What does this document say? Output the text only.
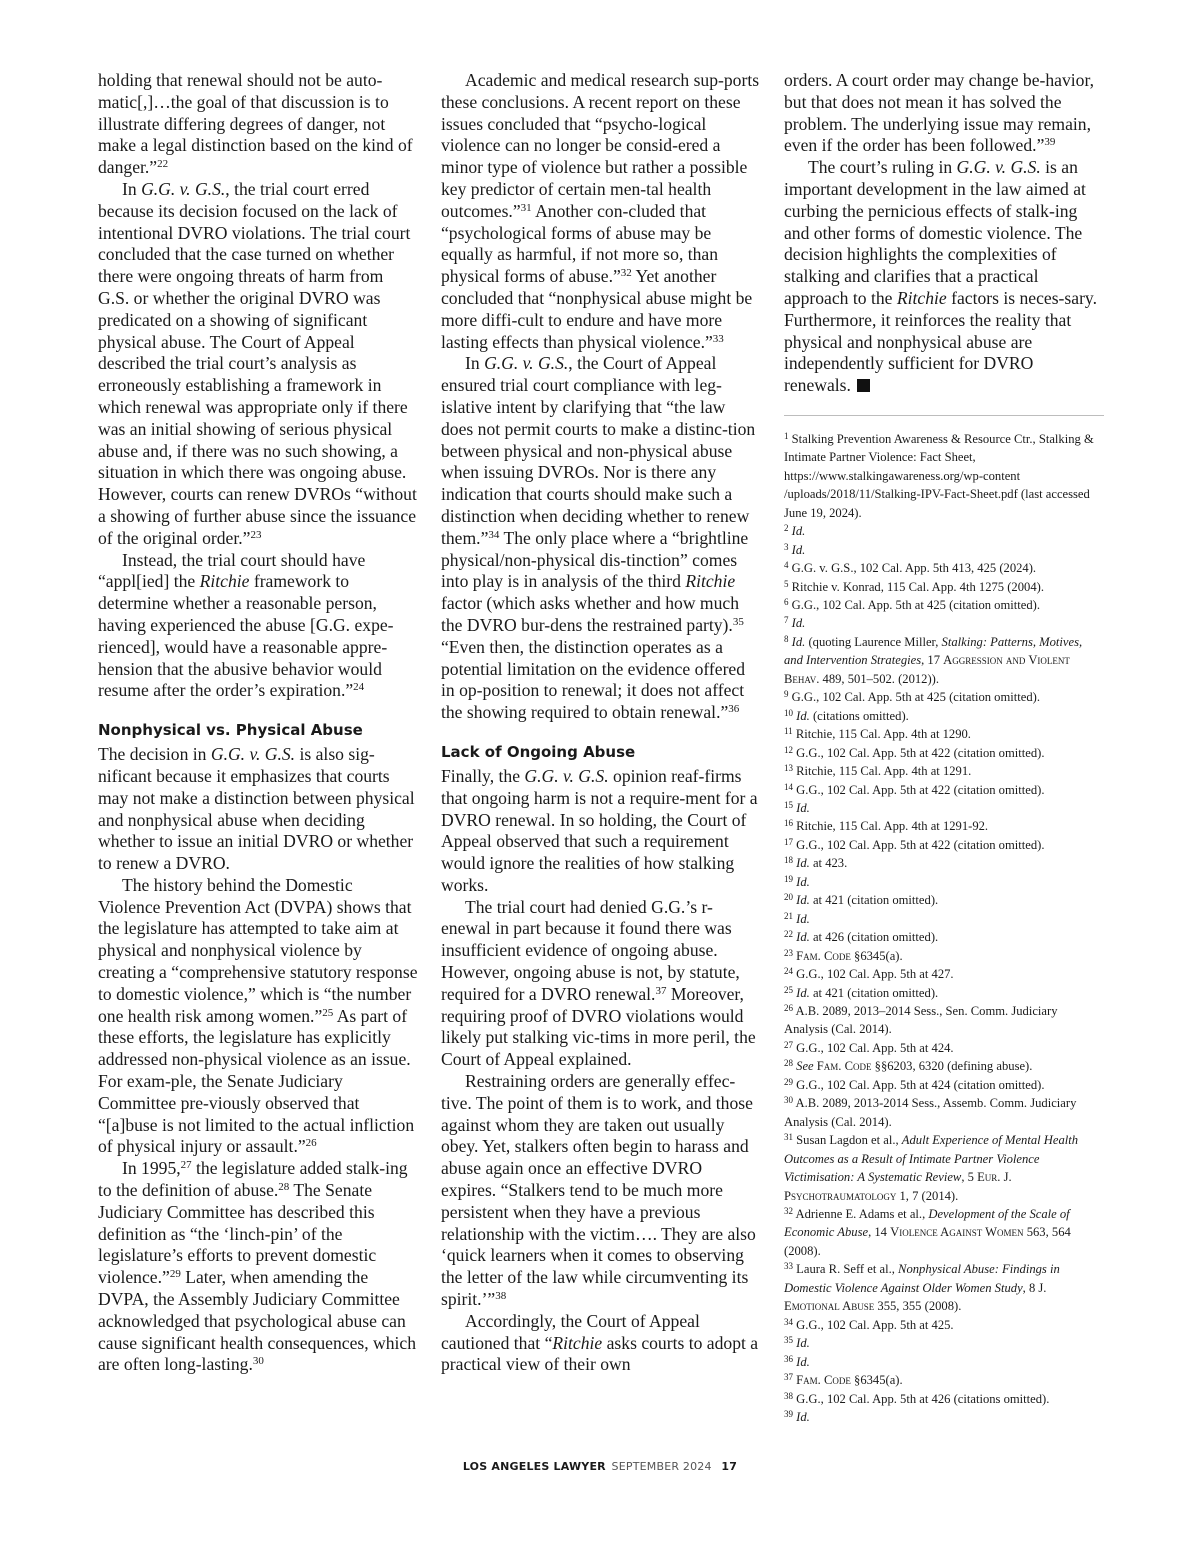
holding that renewal should not be auto-matic[,]…the goal of that discussion is to illustrate differing degrees of danger, not make a legal distinction based on the kind of danger.”$^{22}$

In G.G. v. G.S., the trial court erred because its decision focused on the lack of intentional DVRO violations. The trial court concluded that the case turned on whether there were ongoing threats of harm from G.S. or whether the original DVRO was predicated on a showing of significant physical abuse. The Court of Appeal described the trial court’s analysis as erroneously establishing a framework in which renewal was appropriate only if there was an initial showing of serious physical abuse and, if there was no such showing, a situation in which there was ongoing abuse. However, courts can renew DVROs “without a showing of further abuse since the issuance of the original order.”$^{23}$

Instead, the trial court should have “appl[ied] the Ritchie framework to determine whether a reasonable person, having experienced the abuse [G.G. expe-rienced], would have a reasonable appre-hension that the abusive behavior would resume after the order’s expiration.”$^{24}$

Nonphysical vs. Physical Abuse

The decision in G.G. v. G.S. is also sig-nificant because it emphasizes that courts may not make a distinction between physical and nonphysical abuse when deciding whether to issue an initial DVRO or whether to renew a DVRO.

The history behind the Domestic Violence Prevention Act (DVPA) shows that the legislature has attempted to take aim at physical and nonphysical violence by creating a “comprehensive statutory response to domestic violence,” which is “the number one health risk among women.”$^{25}$ As part of these efforts, the legislature has explicitly addressed non-physical violence as an issue. For exam-ple, the Senate Judiciary Committee pre-viously observed that “[a]buse is not limited to the actual infliction of physical injury or assault.”$^{26}$

In 1995,27 the legislature added stalk-ing to the definition of abuse.$^{28}$ The Senate Judiciary Committee has described this definition as “the ‘linch-pin’ of the legislature’s efforts to prevent domestic violence.”$^{29}$ Later, when amending the DVPA, the Assembly Judiciary Committee acknowledged that psychological abuse can cause significant health consequences, which are often long-lasting.$^{30}$

Academic and medical research sup-ports these conclusions. A recent report on these issues concluded that “psycho-logical violence can no longer be consid-ered a minor type of violence but rather a possible key predictor of certain men-tal health outcomes.”$^{31}$ Another con-cluded that “psychological forms of abuse may be equally as harmful, if not more so, than physical forms of abuse.”$^{32}$ Yet another concluded that “nonphysical abuse might be more diffi-cult to endure and have more lasting effects than physical violence.”$^{33}$

In G.G. v. G.S., the Court of Appeal ensured trial court compliance with leg-islative intent by clarifying that “the law does not permit courts to make a distinc-tion between physical and non-physical abuse when issuing DVROs. Nor is there any indication that courts should make such a distinction when deciding whether to renew them.”$^{34}$ The only place where a “brightline physical/non-physical dis-tinction” comes into play is in analysis of the third Ritchie factor (which asks whether and how much the DVRO bur-dens the restrained party).$^{35}$ “Even then, the distinction operates as a potential limitation on the evidence offered in op-position to renewal; it does not affect the showing required to obtain renewal.”$^{36}$

Lack of Ongoing Abuse

Finally, the G.G. v. G.S. opinion reaf-firms that ongoing harm is not a require-ment for a DVRO renewal. In so holding, the Court of Appeal observed that such a requirement would ignore the realities of how stalking works.

The trial court had denied G.G.’s r-enewal in part because it found there was insufficient evidence of ongoing abuse. However, ongoing abuse is not, by statute, required for a DVRO renewal.$^{37}$ Moreover, requiring proof of DVRO violations would likely put stalking vic-tims in more peril, the Court of Appeal explained.

Restraining orders are generally effec-tive. The point of them is to work, and those against whom they are taken out usually obey. Yet, stalkers often begin to harass and abuse again once an effective DVRO expires. “Stalkers tend to be much more persistent when they have a previous relationship with the victim…. They are also ‘quick learners when it comes to observing the letter of the law while circumventing its spirit.’”$^{38}$

Accordingly, the Court of Appeal cautioned that “Ritchie asks courts to adopt a practical view of their own

orders. A court order may change be-havior, but that does not mean it has solved the problem. The underlying issue may remain, even if the order has been followed.”$^{39}$

The court’s ruling in G.G. v. G.S. is an important development in the law aimed at curbing the pernicious effects of stalk-ing and other forms of domestic violence. The decision highlights the complexities of stalking and clarifies that a practical approach to the Ritchie factors is neces-sary. Furthermore, it reinforces the reality that physical and nonphysical abuse are independently sufficient for DVRO renewals.

$^1$ Stalking Prevention Awareness & Resource Ctr., Stalking & Intimate Partner Violence: Fact Sheet, https://www.stalkingawareness.org/wp-content /uploads/2018/11/Stalking-IPV-Fact-Sheet.pdf (last accessed June 19, 2024).
$^2$ Id.
$^3$ Id.
$^4$ G.G. v. G.S., 102 Cal. App. 5th 413, 425 (2024).
$^5$ Ritchie v. Konrad, 115 Cal. App. 4th 1275 (2004).
$^6$ G.G., 102 Cal. App. 5th at 425 (citation omitted).
$^7$ Id.
$^8$ Id. (quoting Laurence Miller, Stalking: Patterns, Motives, and Intervention Strategies, 17 Aggression and Violent Behav. 489, 501–502. (2012)).
$^9$ G.G., 102 Cal. App. 5th at 425 (citation omitted).
$^{10}$ Id. (citations omitted).
$^{11}$ Ritchie, 115 Cal. App. 4th at 1290.
$^{12}$ G.G., 102 Cal. App. 5th at 422 (citation omitted).
$^{13}$ Ritchie, 115 Cal. App. 4th at 1291.
$^{14}$ G.G., 102 Cal. App. 5th at 422 (citation omitted).
$^{15}$ Id.
$^{16}$ Ritchie, 115 Cal. App. 4th at 1291-92.
$^{17}$ G.G., 102 Cal. App. 5th at 422 (citation omitted).
$^{18}$ Id. at 423.
$^{19}$ Id.
$^{20}$ Id. at 421 (citation omitted).
$^{21}$ Id.
$^{22}$ Id. at 426 (citation omitted).
$^{23}$ Fam. Code §6345(a).
$^{24}$ G.G., 102 Cal. App. 5th at 427.
$^{25}$ Id. at 421 (citation omitted).
$^{26}$ A.B. 2089, 2013–2014 Sess., Sen. Comm. Judiciary Analysis (Cal. 2014).
$^{27}$ G.G., 102 Cal. App. 5th at 424.
$^{28}$ See Fam. Code §§6203, 6320 (defining abuse).
$^{29}$ G.G., 102 Cal. App. 5th at 424 (citation omitted).
$^{30}$ A.B. 2089, 2013-2014 Sess., Assemb. Comm. Judiciary Analysis (Cal. 2014).
$^{31}$ Susan Lagdon et al., Adult Experience of Mental Health Outcomes as a Result of Intimate Partner Violence Victimisation: A Systematic Review, 5 Eur. J. Psychotraumatology 1, 7 (2014).
$^{32}$ Adrienne E. Adams et al., Development of the Scale of Economic Abuse, 14 Violence Against Women 563, 564 (2008).
$^{33}$ Laura R. Seff et al., Nonphysical Abuse: Findings in Domestic Violence Against Older Women Study, 8 J. Emotional Abuse 355, 355 (2008).
$^{34}$ G.G., 102 Cal. App. 5th at 425.
$^{35}$ Id.
$^{36}$ Id.
$^{37}$ Fam. Code §6345(a).
$^{38}$ G.G., 102 Cal. App. 5th at 426 (citations omitted).
$^{39}$ Id.
LOS ANGELES LAWYER SEPTEMBER 2024 17
